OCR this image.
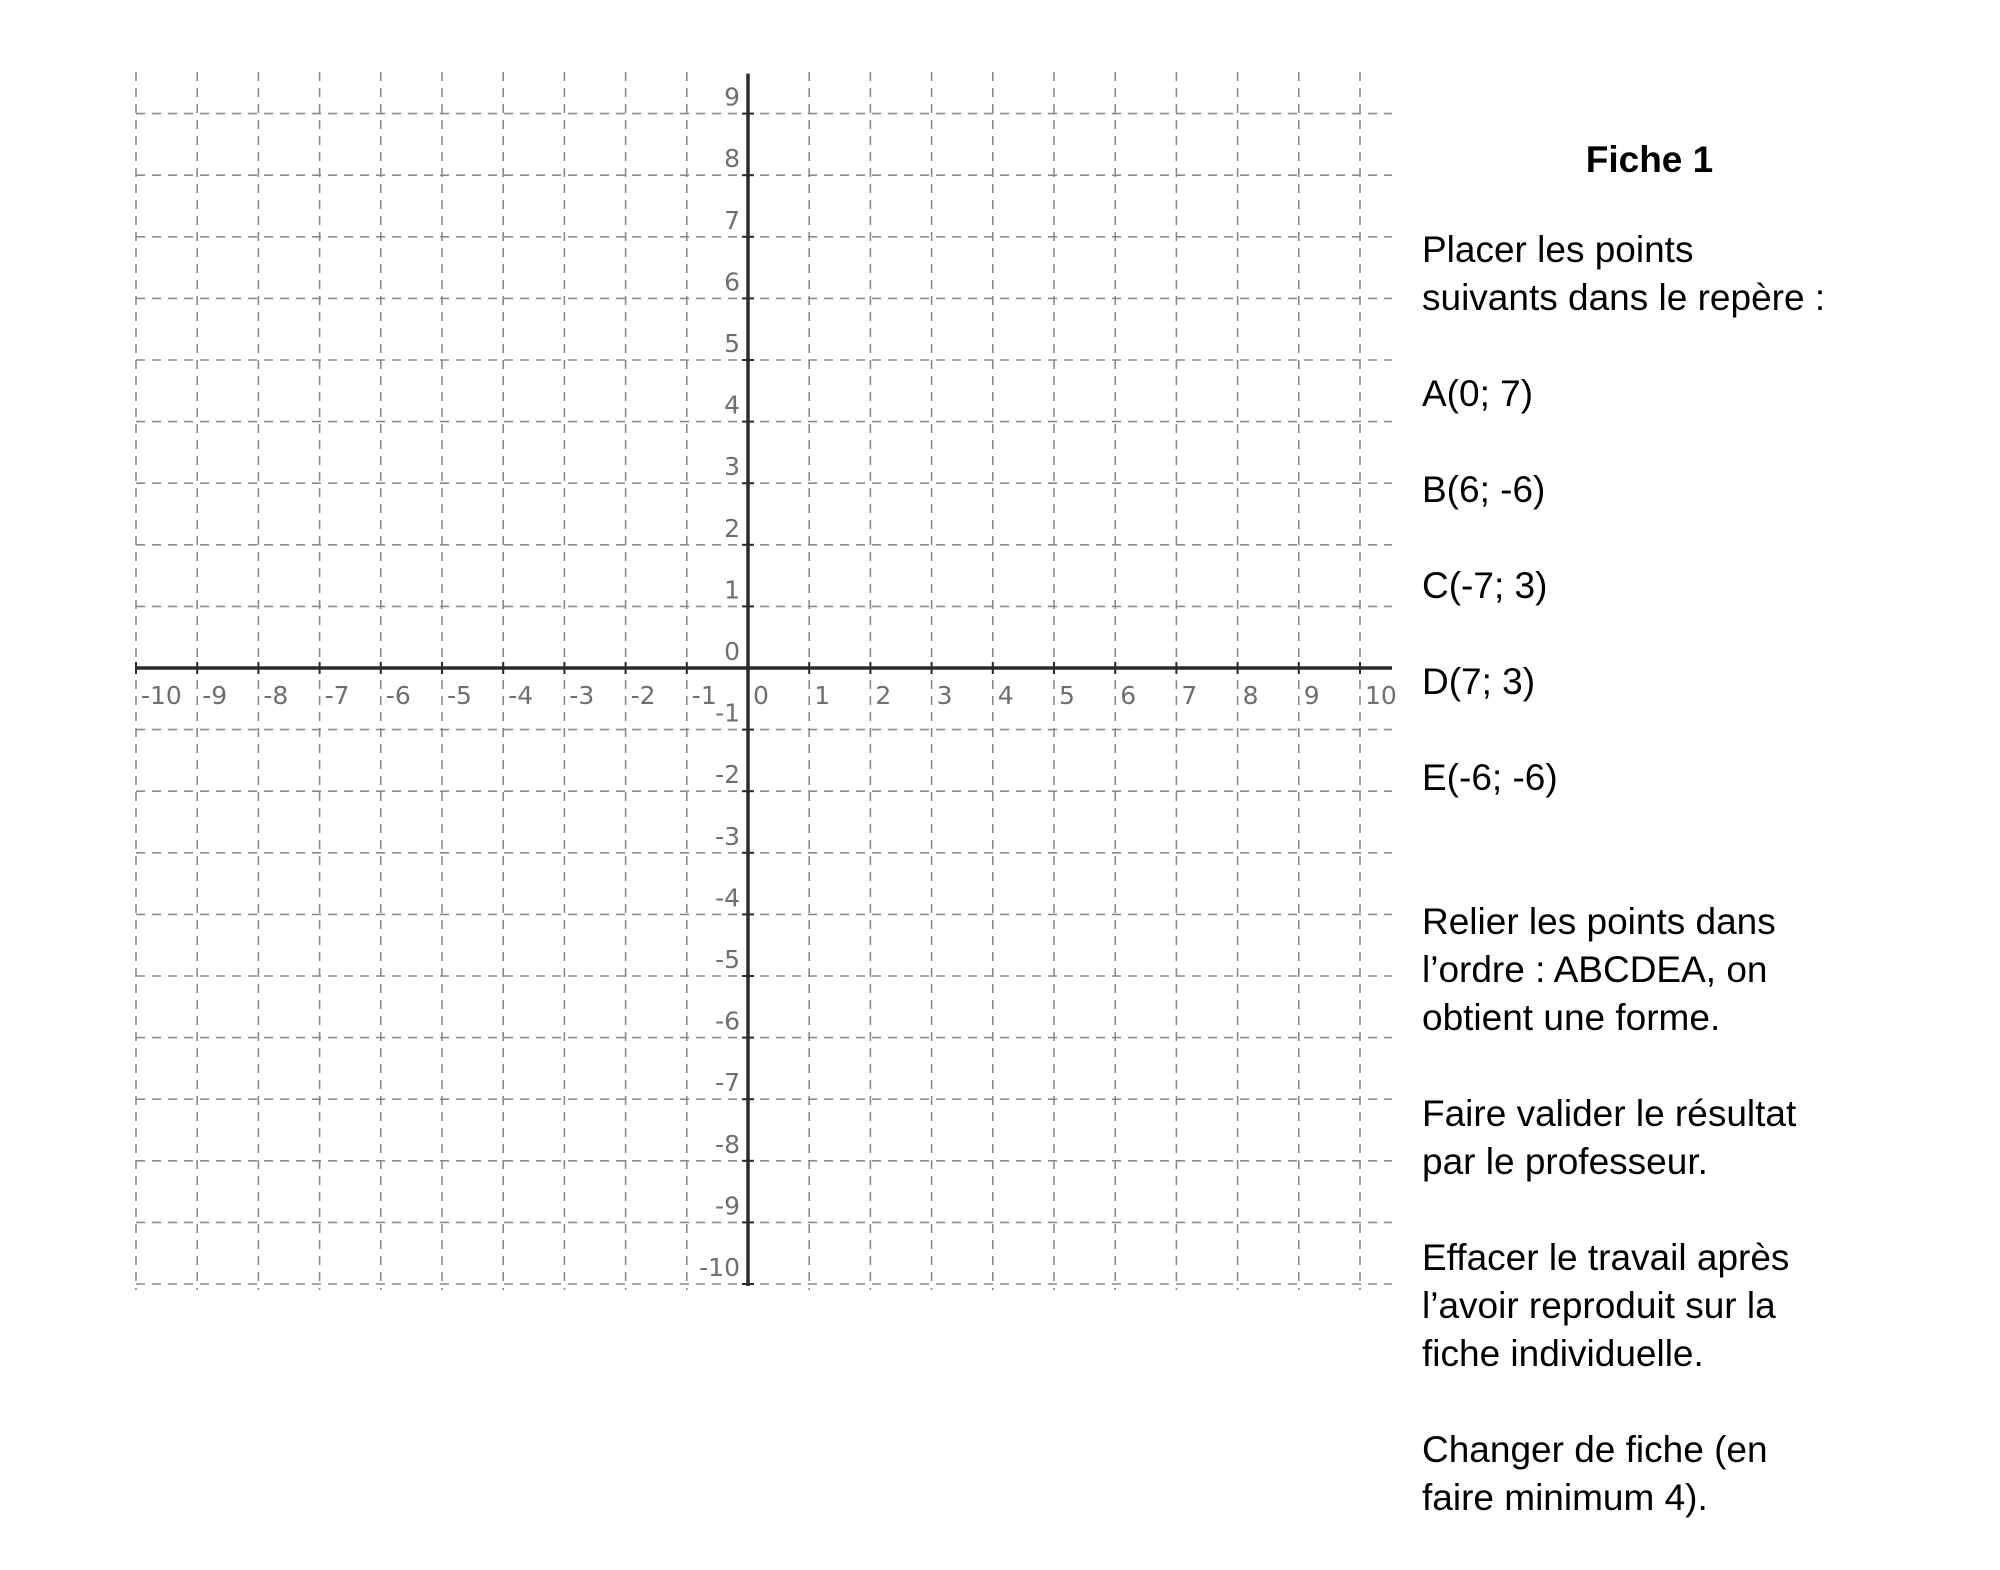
-10 -9 -8 -7 -6 -5 -4 -3 -2 -1 0 1 2 3 4 5 6 7 8 9 10
9
8
7
6
5
4
3
2
1
0
-1
-2
-3
-4
-5
-6
-7
-8
-9
-10
Fiche 1
Placer les points
suivants dans le repère :

A(0; 7)

B(6; -6)

C(-7; 3)

D(7; 3)

E(-6; -6)

Relier les points dans
l’ordre : ABCDEA, on
obtient une forme.
Faire valider le résultat
par le professeur.
Effacer le travail après
l’avoir reproduit sur la
fiche individuelle.
Changer de fiche (en
faire minimum 4).
